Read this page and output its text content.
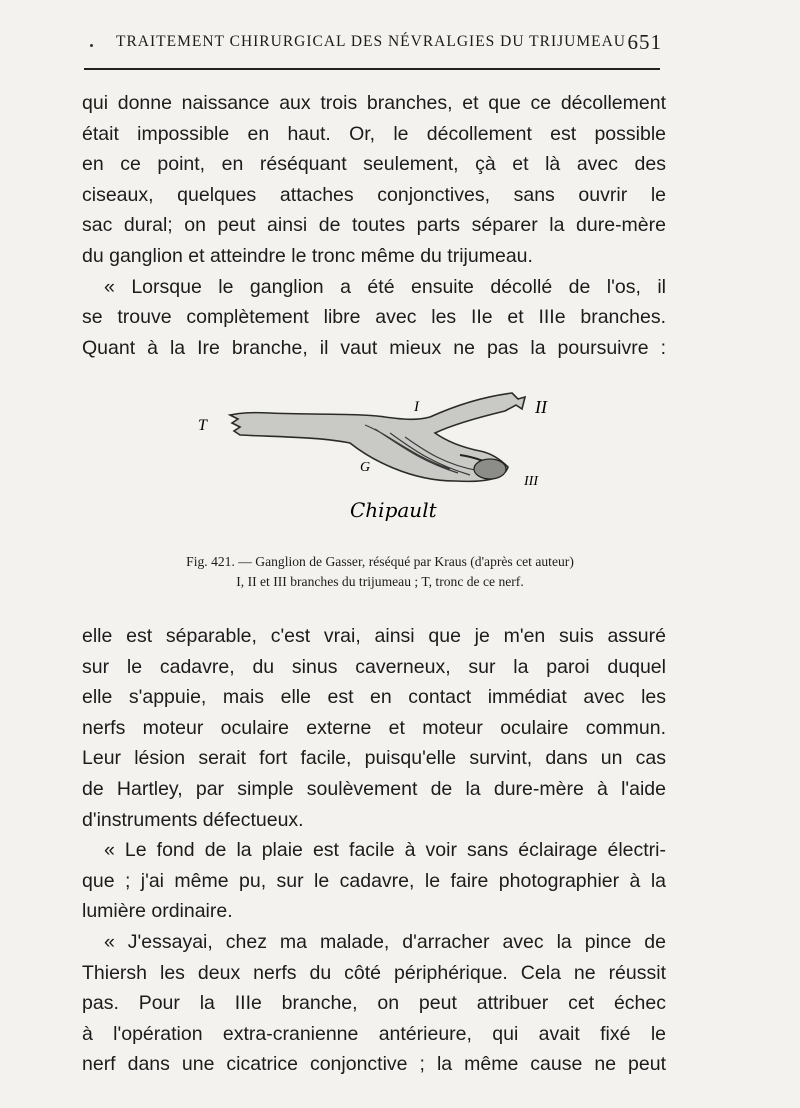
TRAITEMENT CHIRURGICAL DES NÉVRALGIES DU TRIJUMEAU 651
qui donne naissance aux trois branches, et que ce décollement
était impossible en haut. Or, le décollement est possible
en ce point, en réséquant seulement, çà et là avec des
ciseaux, quelques attaches conjonctives, sans ouvrir le
sac dural; on peut ainsi de toutes parts séparer la dure-mère
du ganglion et atteindre le tronc même du trijumeau.
« Lorsque le ganglion a été ensuite décollé de l'os, il
se trouve complètement libre avec les IIe et IIIe branches.
Quant à la Ire branche, il vaut mieux ne pas la poursuivre :
T
I	II
III
G
Chipault
Fig. 421. — Ganglion de Gasser, réséqué par Kraus (d'après cet auteur)
I, II et III branches du trijumeau ; T, tronc de ce nerf.
elle est séparable, c'est vrai, ainsi que je m'en suis assuré
sur le cadavre, du sinus caverneux, sur la paroi duquel
elle s'appuie, mais elle est en contact immédiat avec les
nerfs moteur oculaire externe et moteur oculaire commun.
Leur lésion serait fort facile, puisqu'elle survint, dans un cas
de Hartley, par simple soulèvement de la dure-mère à l'aide
d'instruments défectueux.
« Le fond de la plaie est facile à voir sans éclairage électri-
que ; j'ai même pu, sur le cadavre, le faire photographier à la
lumière ordinaire.
« J'essayai, chez ma malade, d'arracher avec la pince de
Thiersh les deux nerfs du côté périphérique. Cela ne réussit
pas. Pour la IIIe branche, on peut attribuer cet échec
à l'opération extra-cranienne antérieure, qui avait fixé le
nerf dans une cicatrice conjonctive ; la même cause ne peut
